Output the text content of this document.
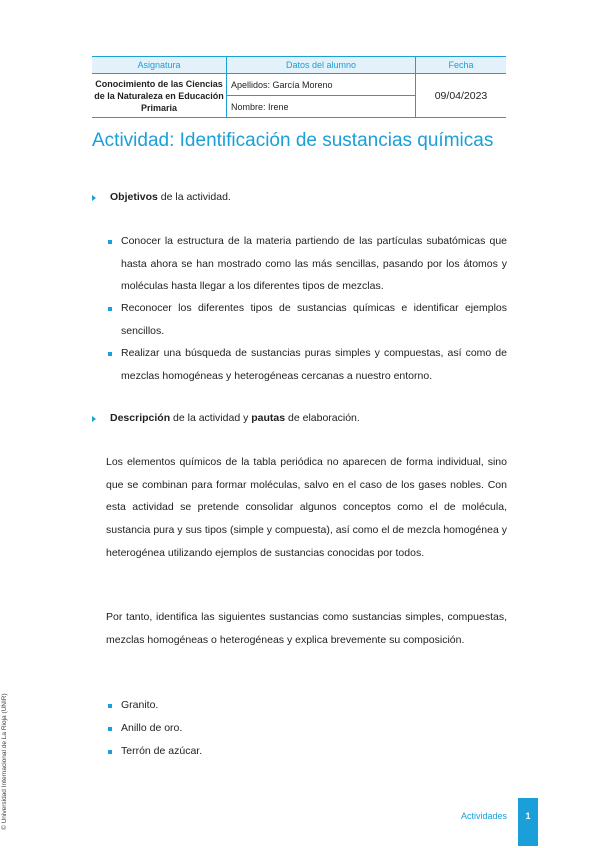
Asignatura	Datos del alumno	Fecha
Conocimiento de las Ciencias de la Naturaleza en Educación Primaria	Apellidos: García Moreno	09/04/2023
	Nombre: Irene	
Actividad: Identificación de sustancias químicas
Objetivos de la actividad.
Conocer la estructura de la materia partiendo de las partículas subatómicas que hasta ahora se han mostrado como las más sencillas, pasando por los átomos y moléculas hasta llegar a los diferentes tipos de mezclas.
Reconocer los diferentes tipos de sustancias químicas e identificar ejemplos sencillos.
Realizar una búsqueda de sustancias puras simples y compuestas, así como de mezclas homogéneas y heterogéneas cercanas a nuestro entorno.
Descripción de la actividad y pautas de elaboración.
Los elementos químicos de la tabla periódica no aparecen de forma individual, sino que se combinan para formar moléculas, salvo en el caso de los gases nobles. Con esta actividad se pretende consolidar algunos conceptos como el de molécula, sustancia pura y sus tipos (simple y compuesta), así como el de mezcla homogénea y heterogénea utilizando ejemplos de sustancias conocidas por todos.
Por tanto, identifica las siguientes sustancias como sustancias simples, compuestas, mezclas homogéneas o heterogéneas y explica brevemente su composición.
Granito.
Anillo de oro.
Terrón de azúcar.
© Universidad Internacional de La Rioja (UNIR)	Actividades	1
